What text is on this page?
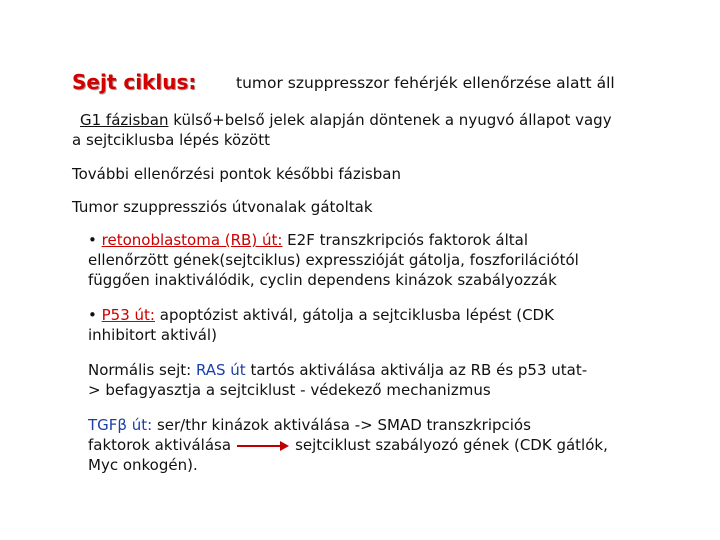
Sejt ciklus:	tumor szuppresszor fehérjék ellenőrzése alatt áll
G1 fázisban külső+belső jelek alapján döntenek a nyugvó állapot vagy
a sejtciklusba lépés között
További ellenőrzési pontok későbbi fázisban
Tumor szuppressziós útvonalak gátoltak
• retonoblastoma (RB) út: E2F transzkripciós faktorok által
ellenőrzött gének(sejtciklus) expresszióját gátolja, foszforilációtól
függően inaktiválódik, cyclin dependens kinázok szabályozzák
• P53 út: apoptózist aktivál, gátolja a sejtciklusba lépést (CDK
inhibitort aktivál)
Normális sejt: RAS út tartós aktiválása aktiválja az RB és p53 utat-
> befagyasztja a sejtciklust - védekező mechanizmus
TGFβ út: ser/thr kinázok aktiválása -> SMAD transzkripciós
faktorok aktiválása	sejtciklust szabályozó gének (CDK gátlók,
Myc onkogén).
